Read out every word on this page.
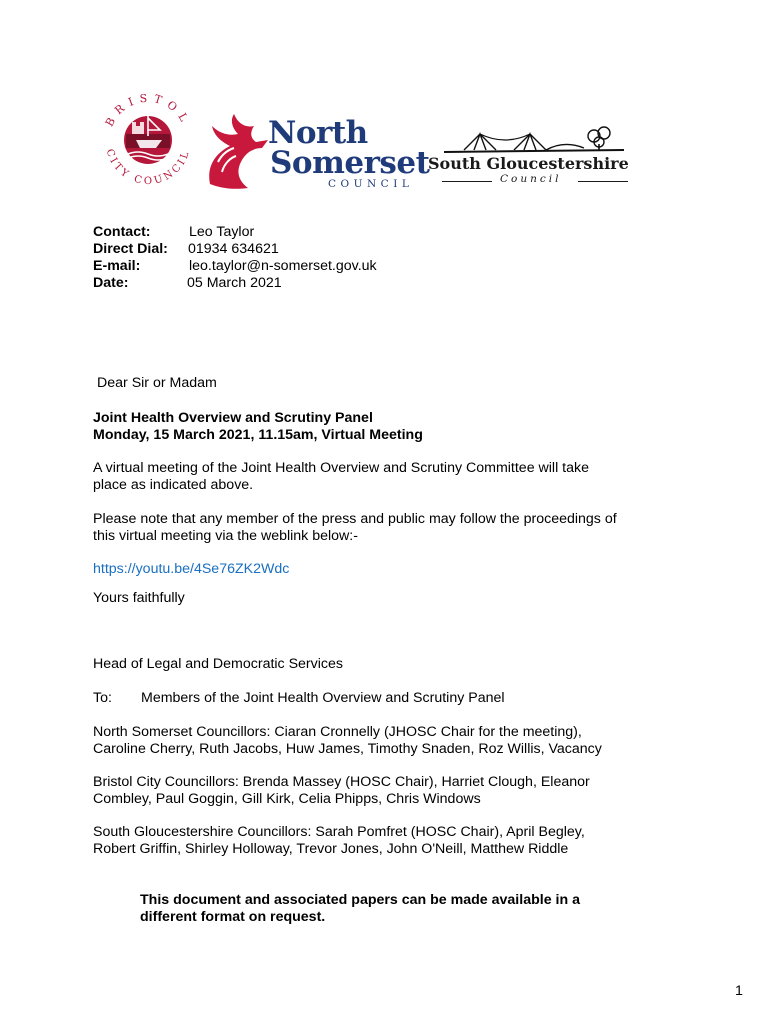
BRISTOL
CITY COUNCIL
North
Somerset
COUNCIL
South Gloucestershire
Council
Contact:	Leo Taylor
Direct Dial: 01934 634621
E-mail:	leo.taylor@n-somerset.gov.uk
Date:	05 March 2021
Dear Sir or Madam
Joint Health Overview and Scrutiny Panel
Monday, 15 March 2021, 11.15am, Virtual Meeting
A virtual meeting of the Joint Health Overview and Scrutiny Committee will take
place as indicated above.
Please note that any member of the press and public may follow the proceedings of
this virtual meeting via the weblink below:-
https://youtu.be/4Se76ZK2Wdc
Yours faithfully
Head of Legal and Democratic Services
To: Members of the Joint Health Overview and Scrutiny Panel
North Somerset Councillors: Ciaran Cronnelly (JHOSC Chair for the meeting),
Caroline Cherry, Ruth Jacobs, Huw James, Timothy Snaden, Roz Willis, Vacancy
Bristol City Councillors: Brenda Massey (HOSC Chair), Harriet Clough, Eleanor
Combley, Paul Goggin, Gill Kirk, Celia Phipps, Chris Windows
South Gloucestershire Councillors: Sarah Pomfret (HOSC Chair), April Begley,
Robert Griffin, Shirley Holloway, Trevor Jones, John O'Neill, Matthew Riddle
This document and associated papers can be made available in a
different format on request.
1
